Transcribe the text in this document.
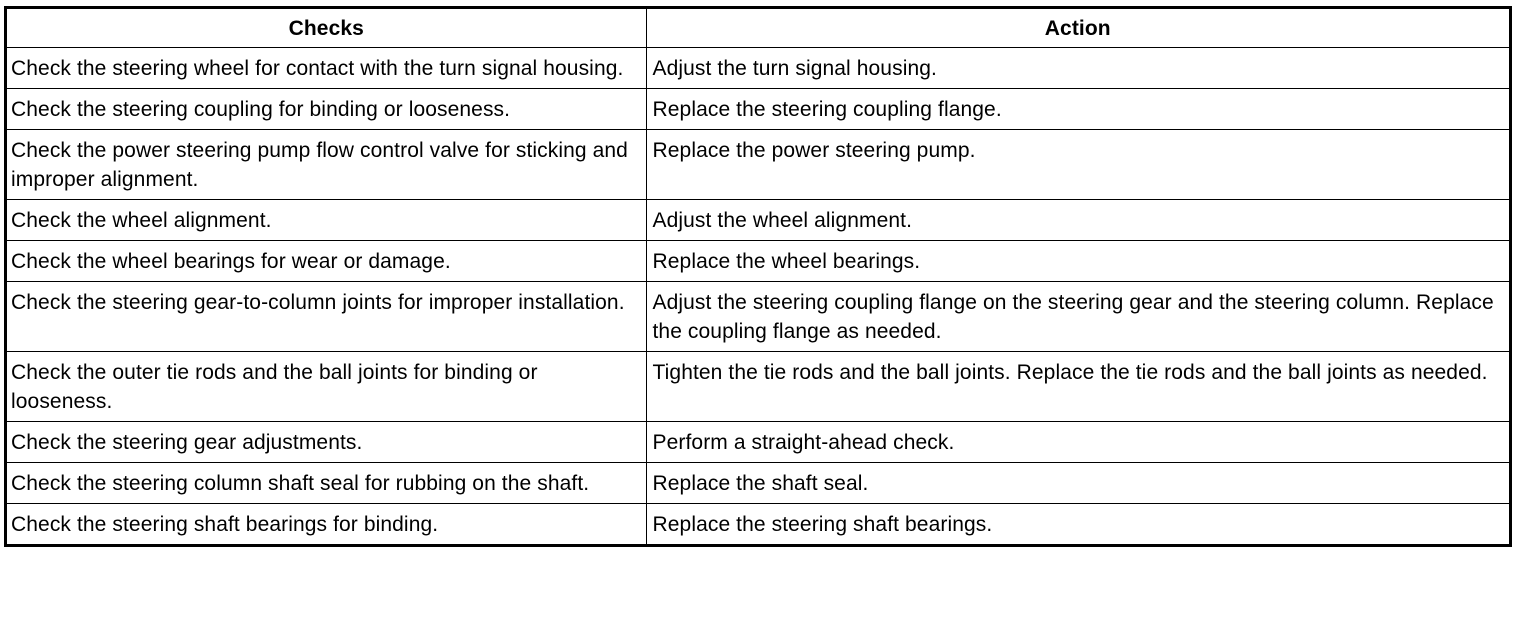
Checks	Action
Check the steering wheel for contact with the turn signal housing.	Adjust the turn signal housing.
Check the steering coupling for binding or looseness.	Replace the steering coupling flange.
Check the power steering pump flow control valve for sticking and improper alignment.	Replace the power steering pump.
Check the wheel alignment.	Adjust the wheel alignment.
Check the wheel bearings for wear or damage.	Replace the wheel bearings.
Check the steering gear-to-column joints for improper installation.	Adjust the steering coupling flange on the steering gear and the steering column. Replace the coupling flange as needed.
Check the outer tie rods and the ball joints for binding or looseness.	Tighten the tie rods and the ball joints. Replace the tie rods and the ball joints as needed.
Check the steering gear adjustments.	Perform a straight-ahead check.
Check the steering column shaft seal for rubbing on the shaft.	Replace the shaft seal.
Check the steering shaft bearings for binding.	Replace the steering shaft bearings.
